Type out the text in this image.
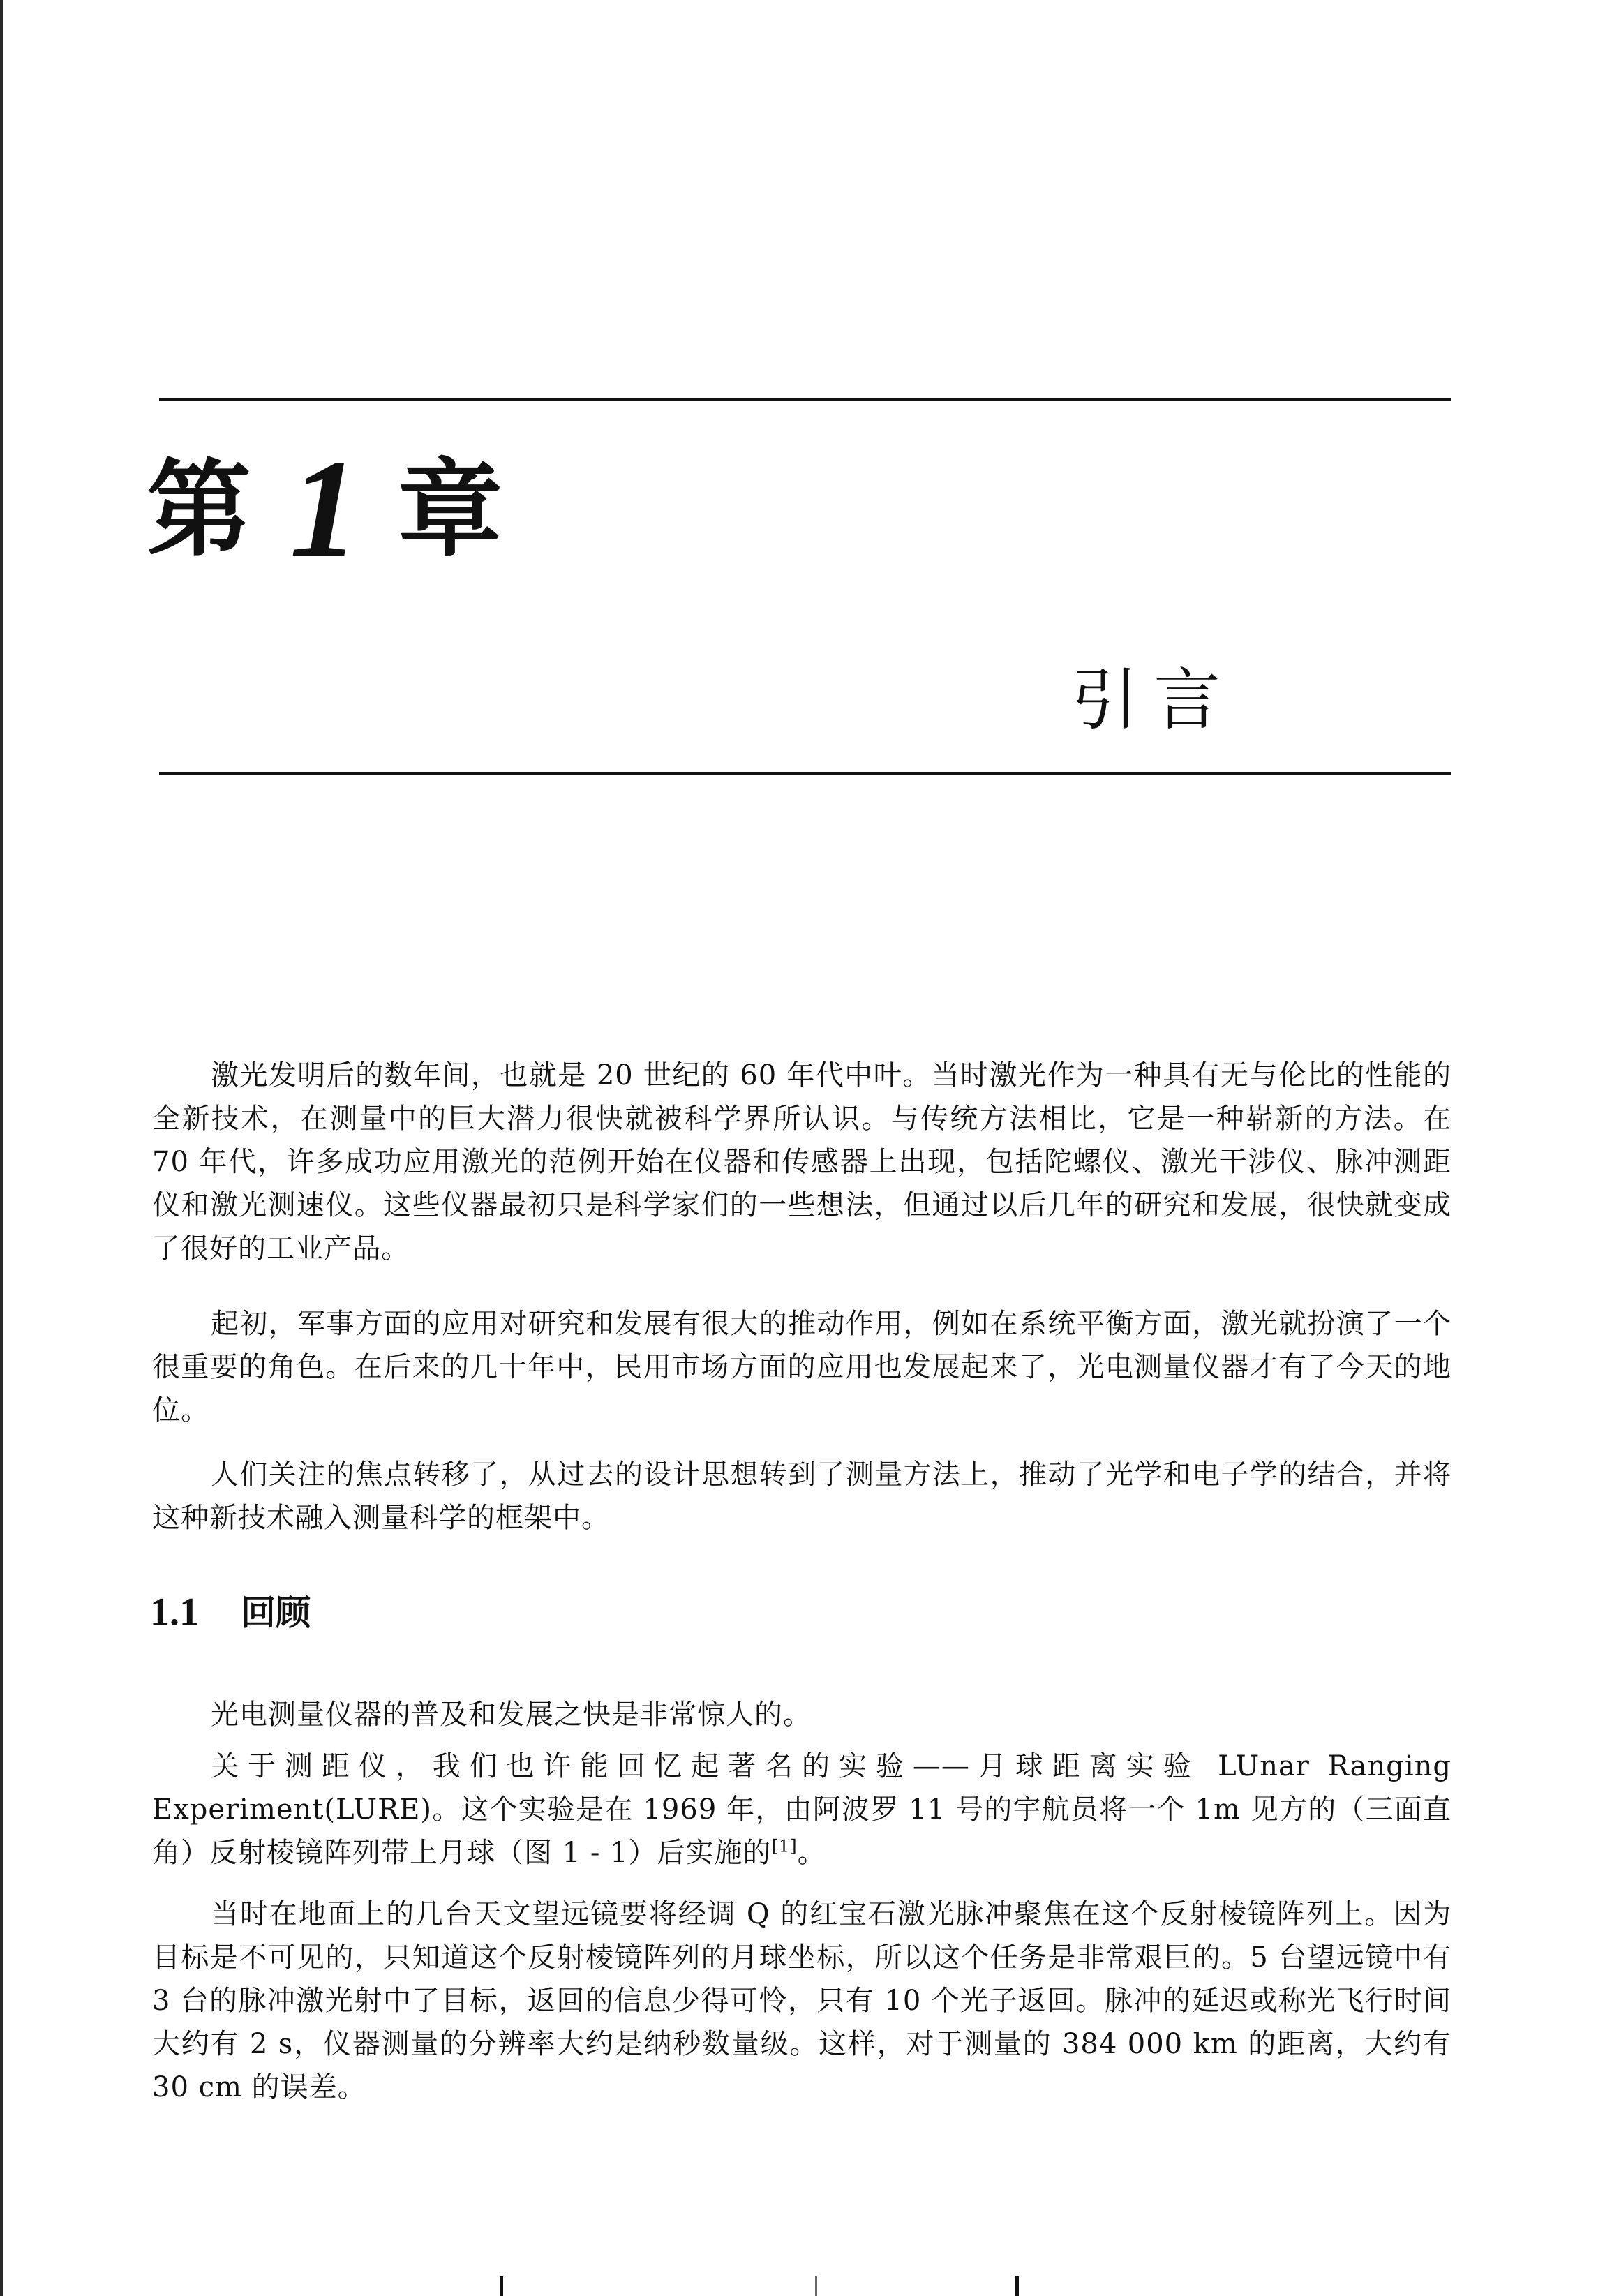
第 1 章
引言

激光发明后的数年间，也就是 20 世纪的 60 年代中叶。当时激光作为一种具有无与伦比的性能的全新技术，在测量中的巨大潜力很快就被科学界所认识。与传统方法相比，它是一种崭新的方法。在 70 年代，许多成功应用激光的范例开始在仪器和传感器上出现，包括陀螺仪、激光干涉仪、脉冲测距仪和激光测速仪。这些仪器最初只是科学家们的一些想法，但通过以后几年的研究和发展，很快就变成了很好的工业产品。

起初，军事方面的应用对研究和发展有很大的推动作用，例如在系统平衡方面，激光就扮演了一个很重要的角色。在后来的几十年中，民用市场方面的应用也发展起来了，光电测量仪器才有了今天的地位。

人们关注的焦点转移了，从过去的设计思想转到了测量方法上，推动了光学和电子学的结合，并将这种新技术融入测量科学的框架中。

1.1 回顾

光电测量仪器的普及和发展之快是非常惊人的。

关于测距仪，我们也许能回忆起著名的实验——月球距离实验 LUnar Ranging Experiment(LURE)。这个实验是在 1969 年，由阿波罗 11 号的宇航员将一个 1m 见方的（三面直角）反射棱镜阵列带上月球（图 1 - 1）后实施的[1]。

当时在地面上的几台天文望远镜要将经调 Q 的红宝石激光脉冲聚焦在这个反射棱镜阵列上。因为目标是不可见的，只知道这个反射棱镜阵列的月球坐标，所以这个任务是非常艰巨的。5 台望远镜中有 3 台的脉冲激光射中了目标，返回的信息少得可怜，只有 10 个光子返回。脉冲的延迟或称光飞行时间大约有 2 s，仪器测量的分辨率大约是纳秒数量级。这样，对于测量的 384 000 km 的距离，大约有 30 cm 的误差。
